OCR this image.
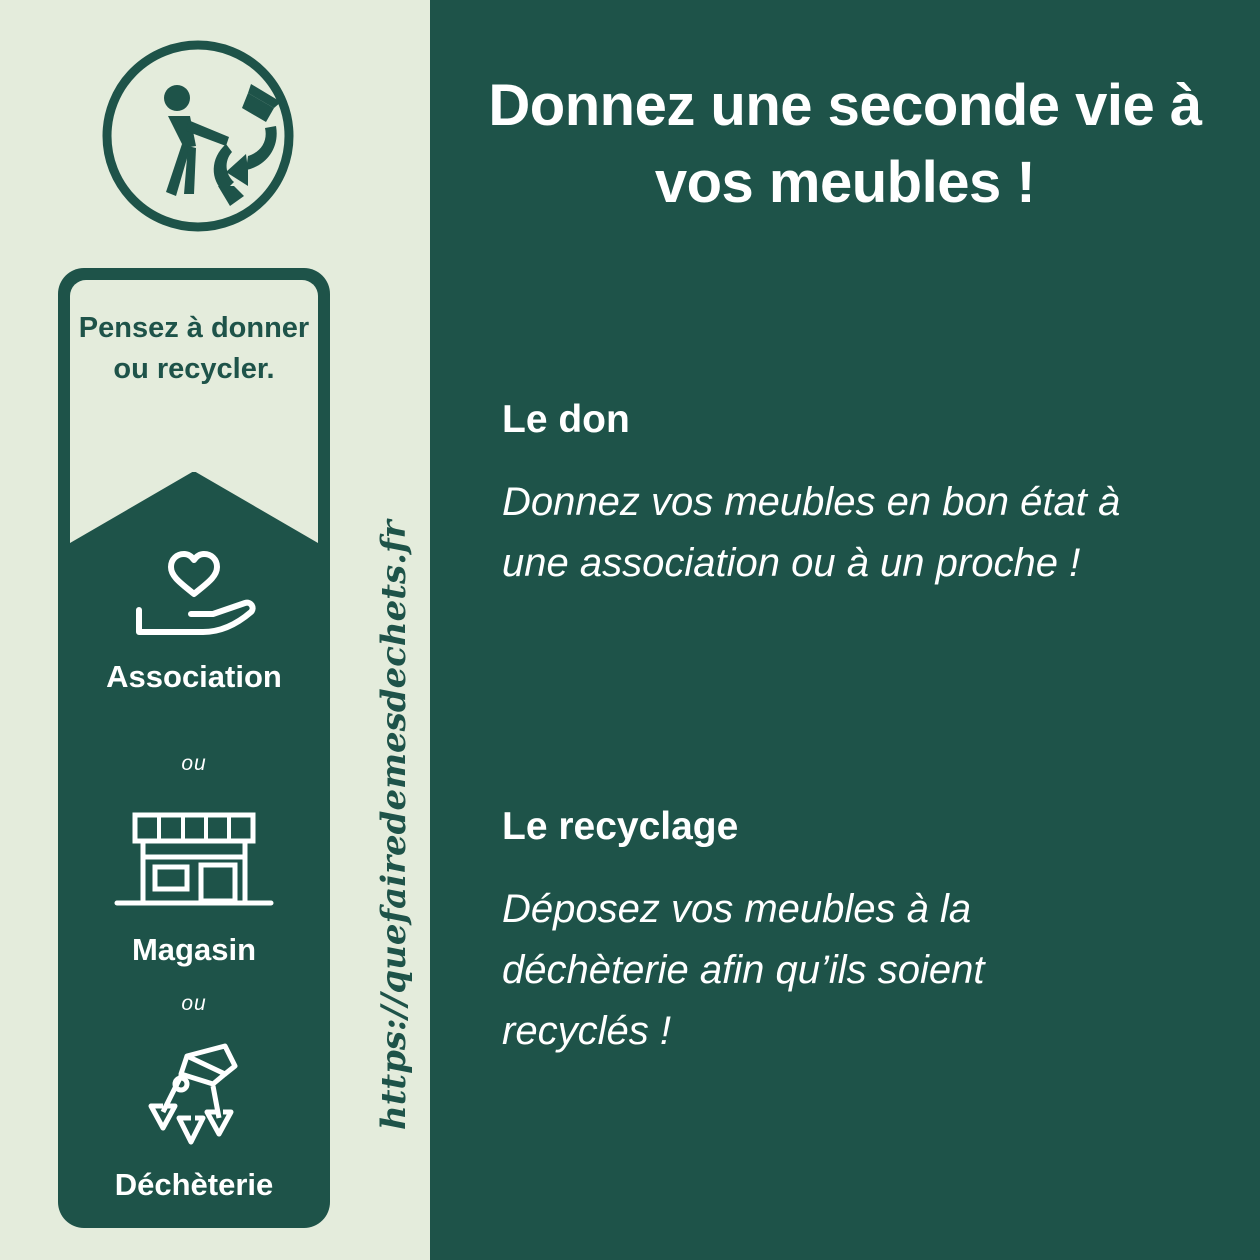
Donnez une seconde vie à vos meubles !
Le don
Donnez vos meubles en bon état à une association ou à un proche !
Le recyclage
Déposez vos meubles à la déchèterie afin qu’ils soient recyclés !
Pensez à donner ou recycler.
Association
ou
Magasin
ou
Déchèterie
https://quefairedemesdechets.fr
